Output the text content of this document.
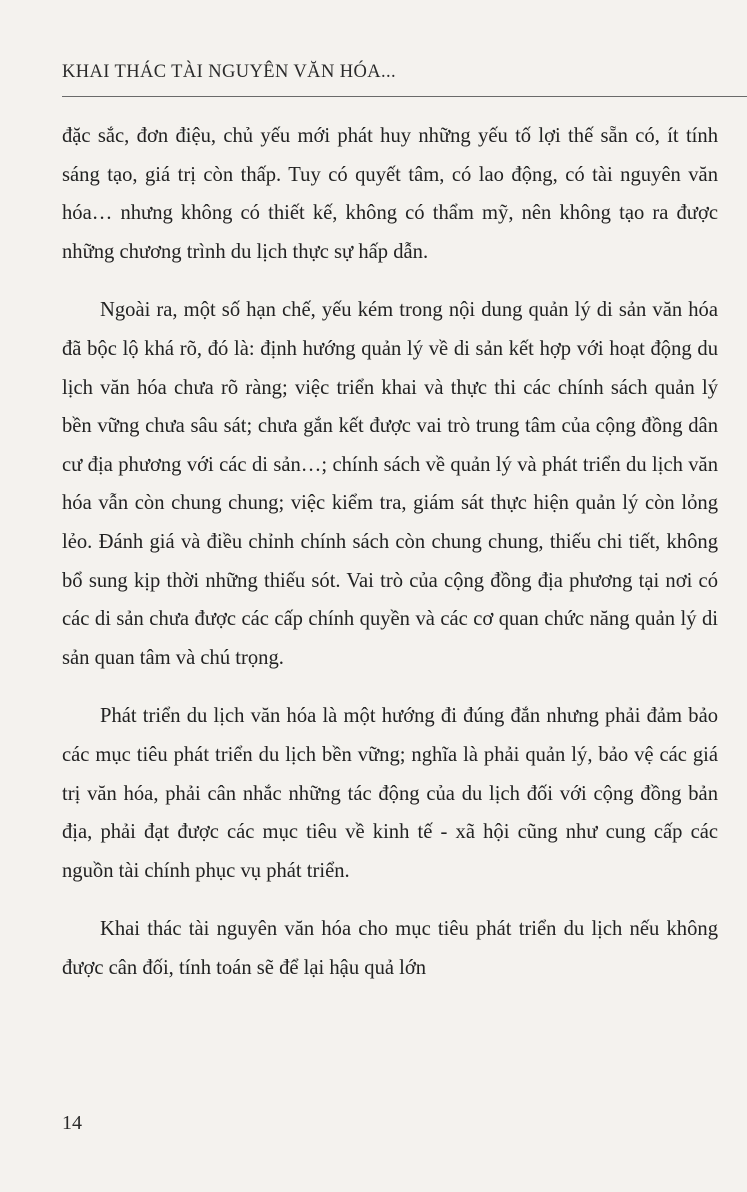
KHAI THÁC TÀI NGUYÊN VĂN HÓA...

đặc sắc, đơn điệu, chủ yếu mới phát huy những yếu tố lợi thế sẵn có, ít tính sáng tạo, giá trị còn thấp. Tuy có quyết tâm, có lao động, có tài nguyên văn hóa… nhưng không có thiết kế, không có thẩm mỹ, nên không tạo ra được những chương trình du lịch thực sự hấp dẫn.

Ngoài ra, một số hạn chế, yếu kém trong nội dung quản lý di sản văn hóa đã bộc lộ khá rõ, đó là: định hướng quản lý về di sản kết hợp với hoạt động du lịch văn hóa chưa rõ ràng; việc triển khai và thực thi các chính sách quản lý bền vững chưa sâu sát; chưa gắn kết được vai trò trung tâm của cộng đồng dân cư địa phương với các di sản…; chính sách về quản lý và phát triển du lịch văn hóa vẫn còn chung chung; việc kiểm tra, giám sát thực hiện quản lý còn lỏng lẻo. Đánh giá và điều chỉnh chính sách còn chung chung, thiếu chi tiết, không bổ sung kịp thời những thiếu sót. Vai trò của cộng đồng địa phương tại nơi có các di sản chưa được các cấp chính quyền và các cơ quan chức năng quản lý di sản quan tâm và chú trọng.

Phát triển du lịch văn hóa là một hướng đi đúng đắn nhưng phải đảm bảo các mục tiêu phát triển du lịch bền vững; nghĩa là phải quản lý, bảo vệ các giá trị văn hóa, phải cân nhắc những tác động của du lịch đối với cộng đồng bản địa, phải đạt được các mục tiêu về kinh tế - xã hội cũng như cung cấp các nguồn tài chính phục vụ phát triển.

Khai thác tài nguyên văn hóa cho mục tiêu phát triển du lịch nếu không được cân đối, tính toán sẽ để lại hậu quả lớn

14
